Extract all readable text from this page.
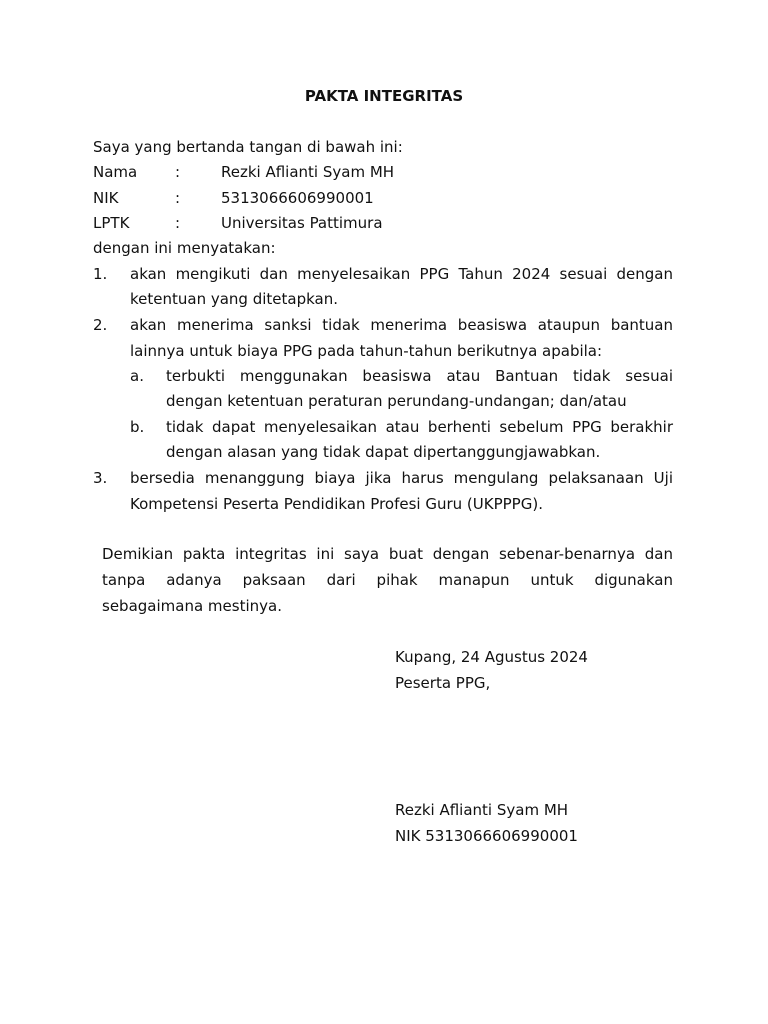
PAKTA INTEGRITAS
Saya yang bertanda tangan di bawah ini:
Nama	:	Rezki Aflianti Syam MH
NIK	:	5313066606990001
LPTK	:	Universitas Pattimura
dengan ini menyatakan:
1. akan mengikuti dan menyelesaikan PPG Tahun 2024 sesuai dengan
ketentuan yang ditetapkan.
2. akan menerima sanksi tidak menerima beasiswa ataupun bantuan
lainnya untuk biaya PPG pada tahun-tahun berikutnya apabila:
a. terbukti menggunakan beasiswa atau Bantuan tidak sesuai
dengan ketentuan peraturan perundang-undangan; dan/atau
b. tidak dapat menyelesaikan atau berhenti sebelum PPG berakhir
dengan alasan yang tidak dapat dipertanggungjawabkan.
3. bersedia menanggung biaya jika harus mengulang pelaksanaan Uji
Kompetensi Peserta Pendidikan Profesi Guru (UKPPPG).
Demikian pakta integritas ini saya buat dengan sebenar-benarnya dan
tanpa adanya paksaan dari pihak manapun untuk digunakan
sebagaimana mestinya.
Kupang, 24 Agustus 2024
Peserta PPG,
Rezki Aflianti Syam MH
NIK 5313066606990001
